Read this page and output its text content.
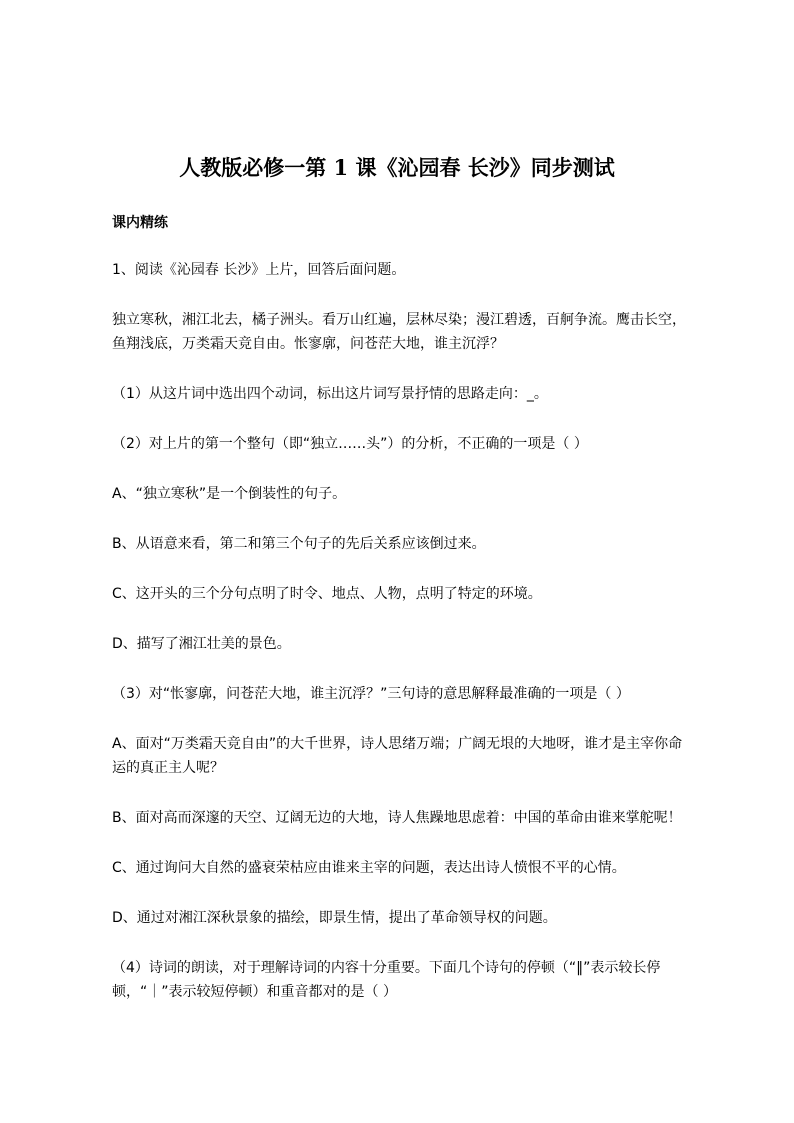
人教版必修一第 1 课《沁园春 长沙》同步测试
课内精练

1、阅读《沁园春 长沙》上片，回答后面问题。

独立寒秋，湘江北去，橘子洲头。看万山红遍，层林尽染；漫江碧透，百舸争流。鹰击长空，鱼翔浅底，万类霜天竞自由。怅寥廓，问苍茫大地，谁主沉浮？

（1）从这片词中选出四个动词，标出这片词写景抒情的思路走向：_。

（2）对上片的第一个整句（即“独立……头”）的分析，不正确的一项是（ ）

A、“独立寒秋”是一个倒装性的句子。

B、从语意来看，第二和第三个句子的先后关系应该倒过来。

C、这开头的三个分句点明了时令、地点、人物，点明了特定的环境。

D、描写了湘江壮美的景色。

（3）对“怅寥廓，问苍茫大地，谁主沉浮？”三句诗的意思解释最准确的一项是（ ）

A、面对“万类霜天竞自由”的大千世界，诗人思绪万端；广阔无垠的大地呀，谁才是主宰你命运的真正主人呢？

B、面对高而深邃的天空、辽阔无边的大地，诗人焦躁地思虑着：中国的革命由谁来掌舵呢！

C、通过询问大自然的盛衰荣枯应由谁来主宰的问题，表达出诗人愤恨不平的心情。

D、通过对湘江深秋景象的描绘，即景生情，提出了革命领导权的问题。

（4）诗词的朗读，对于理解诗词的内容十分重要。下面几个诗句的停顿（“‖”表示较长停顿，“｜”表示较短停顿）和重音都对的是（ ）
